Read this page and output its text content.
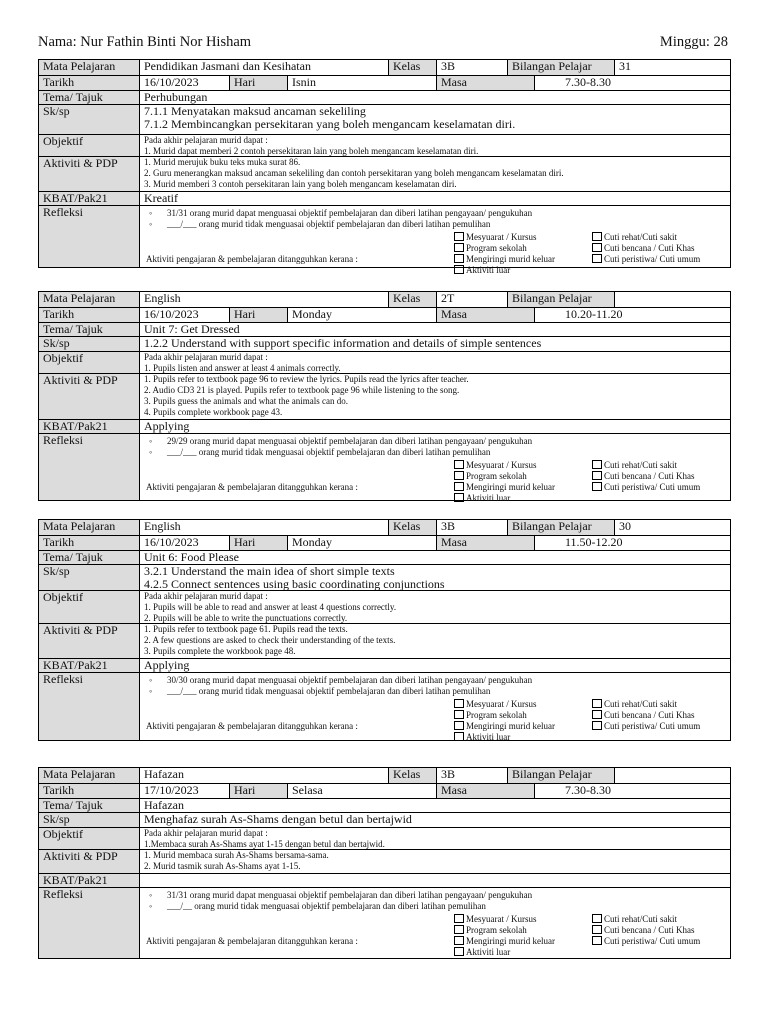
Nama: Nur Fathin Binti Nor Hisham	Minggu: 28
Mata Pelajaran	Pendidikan Jasmani dan Kesihatan	Kelas	3B	Bilangan Pelajar	31
Tarikh	16/10/2023	Hari	Isnin	Masa	7.30-8.30
Tema/ Tajuk	Perhubungan
Sk/sp	7.1.1 Menyatakan maksud ancaman sekeliling
7.1.2 Membincangkan persekitaran yang boleh mengancam keselamatan diri.
Objektif	Pada akhir pelajaran murid dapat :
1. Murid dapat memberi 2 contoh persekitaran lain yang boleh mengancam keselamatan diri.
Aktiviti & PDP	1. Murid merujuk buku teks muka surat 86.
2. Guru menerangkan maksud ancaman sekeliling dan contoh persekitaran yang boleh mengancam keselamatan diri.
3. Murid memberi 3 contoh persekitaran lain yang boleh mengancam keselamatan diri.
KBAT/Pak21	Kreatif
Refleksi	◦ 31/31 orang murid dapat menguasai objektif pembelajaran dan diberi latihan pengayaan/ pengukuhan
◦ ___/___ orang murid tidak menguasai objektif pembelajaran dan diberi latihan pemulihan
Mesyuarat / Kursus
Program sekolah
Mengiringi murid keluar
Aktiviti luar
Cuti rehat/Cuti sakit
Cuti bencana / Cuti Khas
Cuti peristiwa/ Cuti umum
Aktiviti pengajaran & pembelajaran ditangguhkan kerana :
Mata Pelajaran	English	Kelas	2T	Bilangan Pelajar
Tarikh	16/10/2023	Hari	Monday	Masa	10.20-11.20
Tema/ Tajuk	Unit 7: Get Dressed
Sk/sp	1.2.2 Understand with support specific information and details of simple sentences
Objektif	Pada akhir pelajaran murid dapat :
1. Pupils listen and answer at least 4 animals correctly.
Aktiviti & PDP	1. Pupils refer to textbook page 96 to review the lyrics. Pupils read the lyrics after teacher.
2. Audio CD3 21 is played. Pupils refer to textbook page 96 while listening to the song.
3. Pupils guess the animals and what the animals can do.
4. Pupils complete workbook page 43.
KBAT/Pak21	Applying
Refleksi	◦ 29/29 orang murid dapat menguasai objektif pembelajaran dan diberi latihan pengayaan/ pengukuhan
◦ ___/___ orang murid tidak menguasai objektif pembelajaran dan diberi latihan pemulihan
Mesyuarat / Kursus
Program sekolah
Mengiringi murid keluar
Aktiviti luar
Cuti rehat/Cuti sakit
Cuti bencana / Cuti Khas
Cuti peristiwa/ Cuti umum
Aktiviti pengajaran & pembelajaran ditangguhkan kerana :
Mata Pelajaran	English	Kelas	3B	Bilangan Pelajar	30
Tarikh	16/10/2023	Hari	Monday	Masa	11.50-12.20
Tema/ Tajuk	Unit 6: Food Please
Sk/sp	3.2.1 Understand the main idea of short simple texts
4.2.5 Connect sentences using basic coordinating conjunctions
Objektif	Pada akhir pelajaran murid dapat :
1. Pupils will be able to read and answer at least 4 questions correctly.
2. Pupils will be able to write the punctuations correctly.
Aktiviti & PDP	1. Pupils refer to textbook page 61. Pupils read the texts.
2. A few questions are asked to check their understanding of the texts.
3. Pupils complete the workbook page 48.
KBAT/Pak21	Applying
Refleksi	◦ 30/30 orang murid dapat menguasai objektif pembelajaran dan diberi latihan pengayaan/ pengukuhan
◦ ___/___ orang murid tidak menguasai objektif pembelajaran dan diberi latihan pemulihan
Mesyuarat / Kursus
Program sekolah
Mengiringi murid keluar
Aktiviti luar
Cuti rehat/Cuti sakit
Cuti bencana / Cuti Khas
Cuti peristiwa/ Cuti umum
Aktiviti pengajaran & pembelajaran ditangguhkan kerana :
Mata Pelajaran	Hafazan	Kelas	3B	Bilangan Pelajar
Tarikh	17/10/2023	Hari	Selasa	Masa	7.30-8.30
Tema/ Tajuk	Hafazan
Sk/sp	Menghafaz surah As-Shams dengan betul dan bertajwid
Objektif	Pada akhir pelajaran murid dapat :
1.Membaca surah As-Shams ayat 1-15 dengan betul dan bertajwid.
Aktiviti & PDP	1. Murid membaca surah As-Shams bersama-sama.
2. Murid tasmik surah As-Shams ayat 1-15.
KBAT/Pak21
Refleksi	◦ 31/31 orang murid dapat menguasai objektif pembelajaran dan diberi latihan pengayaan/ pengukuhan
◦ ___/__ orang murid tidak menguasai objektif pembelajaran dan diberi latihan pemulihan
Mesyuarat / Kursus
Program sekolah
Mengiringi murid keluar
Aktiviti luar
Cuti rehat/Cuti sakit
Cuti bencana / Cuti Khas
Cuti peristiwa/ Cuti umum
Aktiviti pengajaran & pembelajaran ditangguhkan kerana :
